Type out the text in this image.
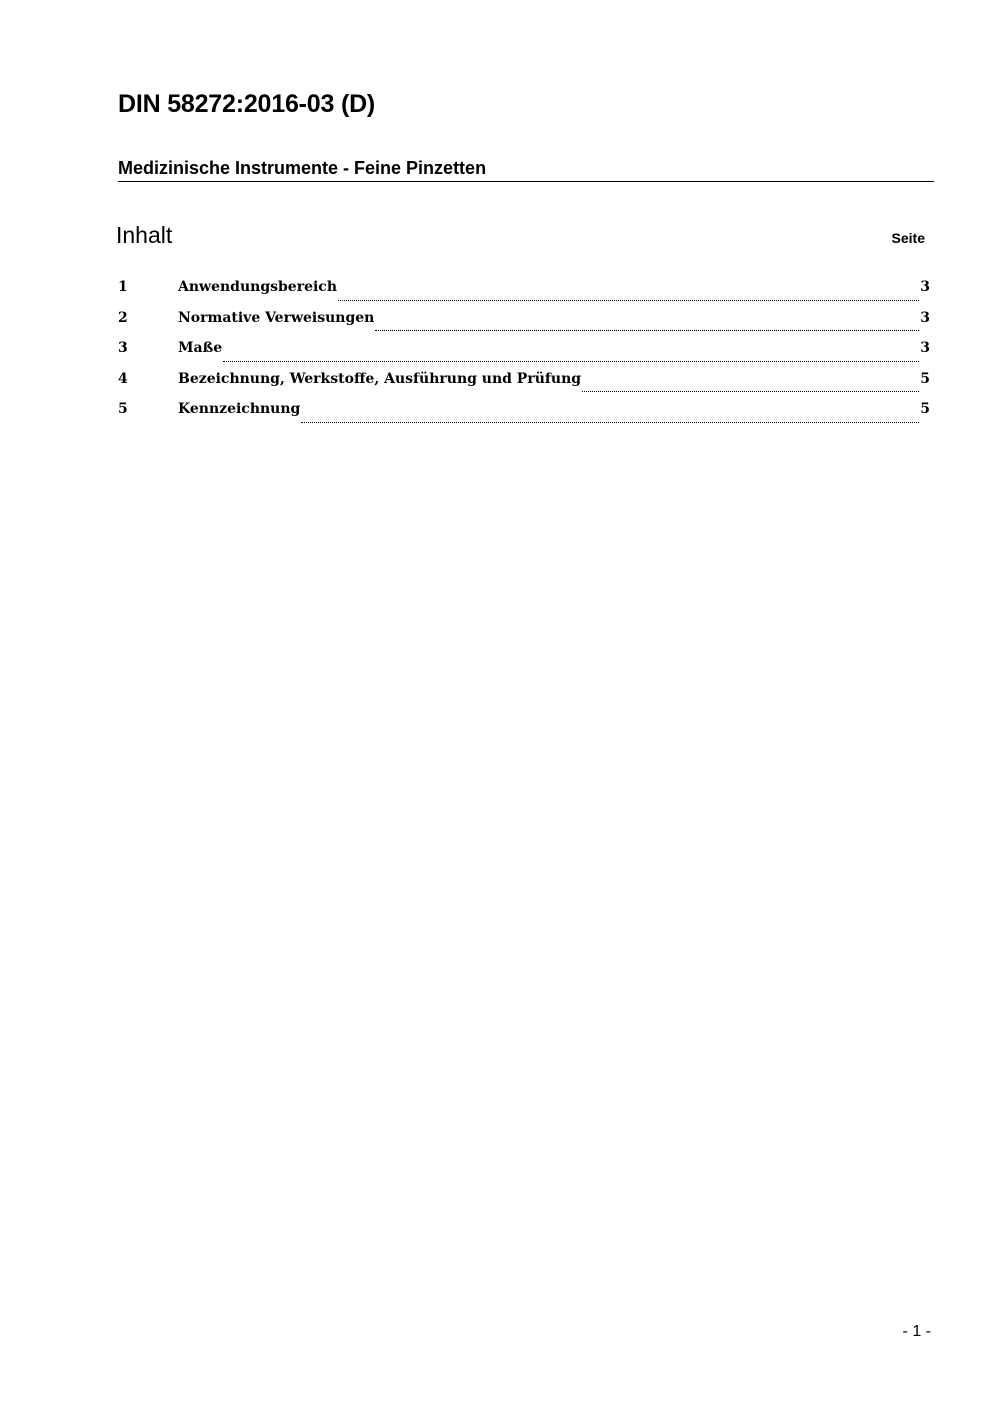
DIN 58272:2016-03 (D)
Medizinische Instrumente - Feine Pinzetten
Inhalt	Seite
1	Anwendungsbereich	3
2	Normative Verweisungen	3
3	Maße	3
4	Bezeichnung, Werkstoffe, Ausführung und Prüfung	5
5	Kennzeichnung	5
- 1 -
